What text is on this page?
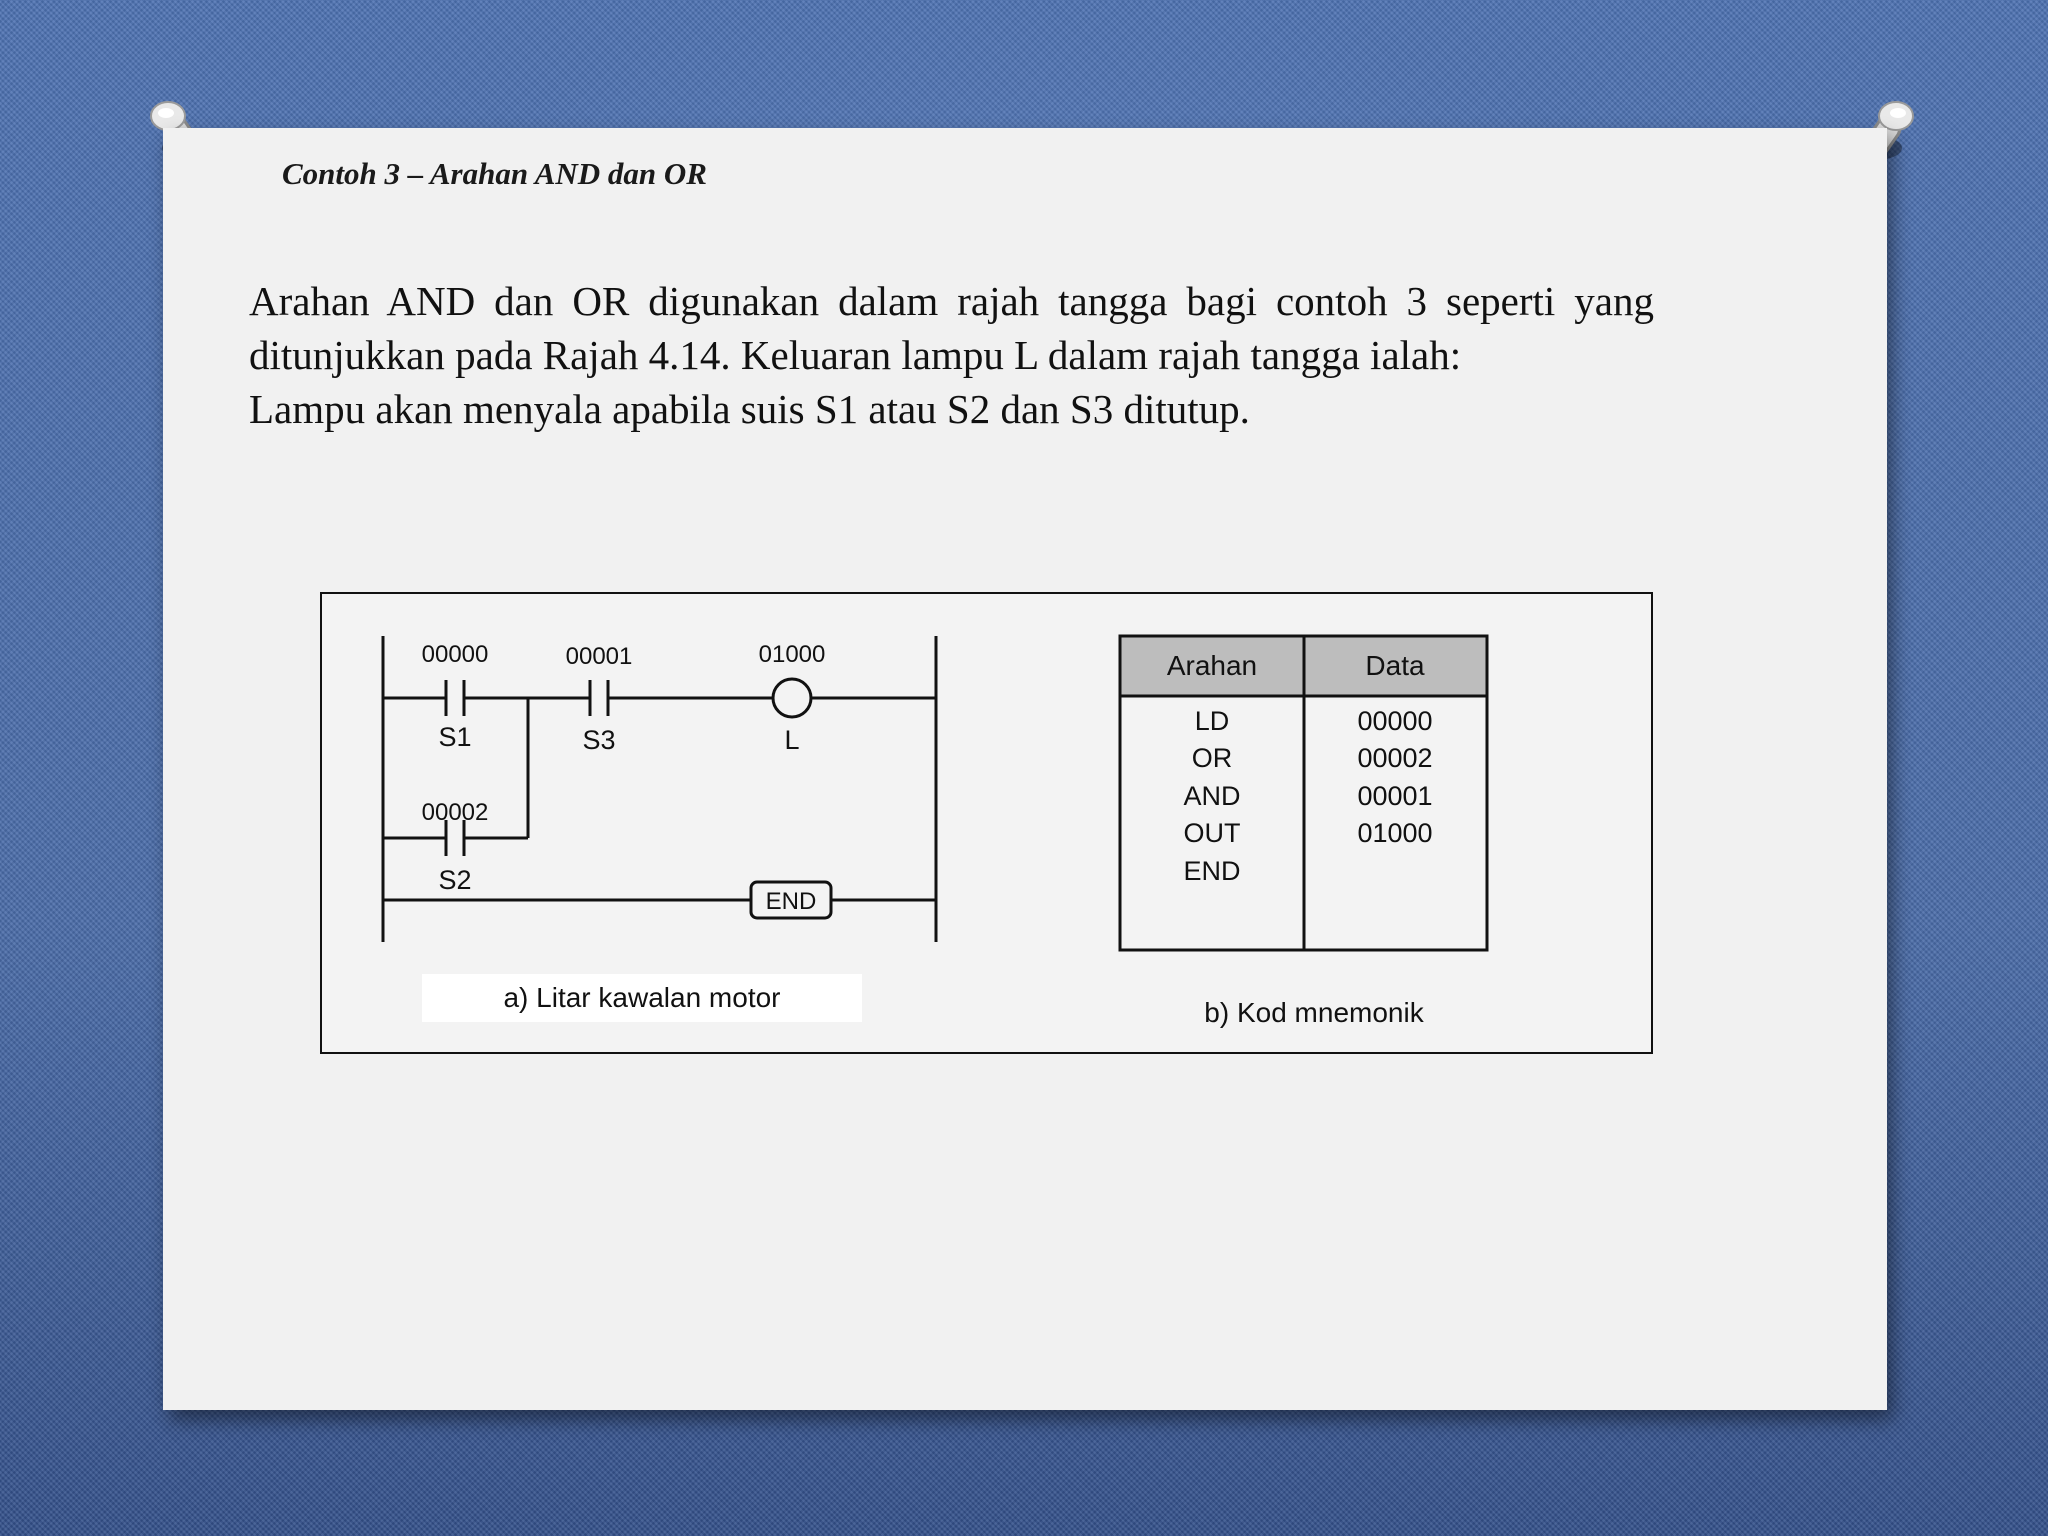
Contoh 3 – Arahan AND dan OR

Arahan AND dan OR digunakan dalam rajah tangga bagi contoh 3 seperti yang ditunjukkan pada Rajah 4.14. Keluaran lampu L dalam rajah tangga ialah:

Lampu akan menyala apabila suis S1 atau S2 dan S3 ditutup.

00000
S1
00001
S3
01000
L
00002
S2
END
a) Litar kawalan motor
Arahan	Data
LD	00000
OR	00002
AND	00001
OUT	01000
END
b) Kod mnemonik
